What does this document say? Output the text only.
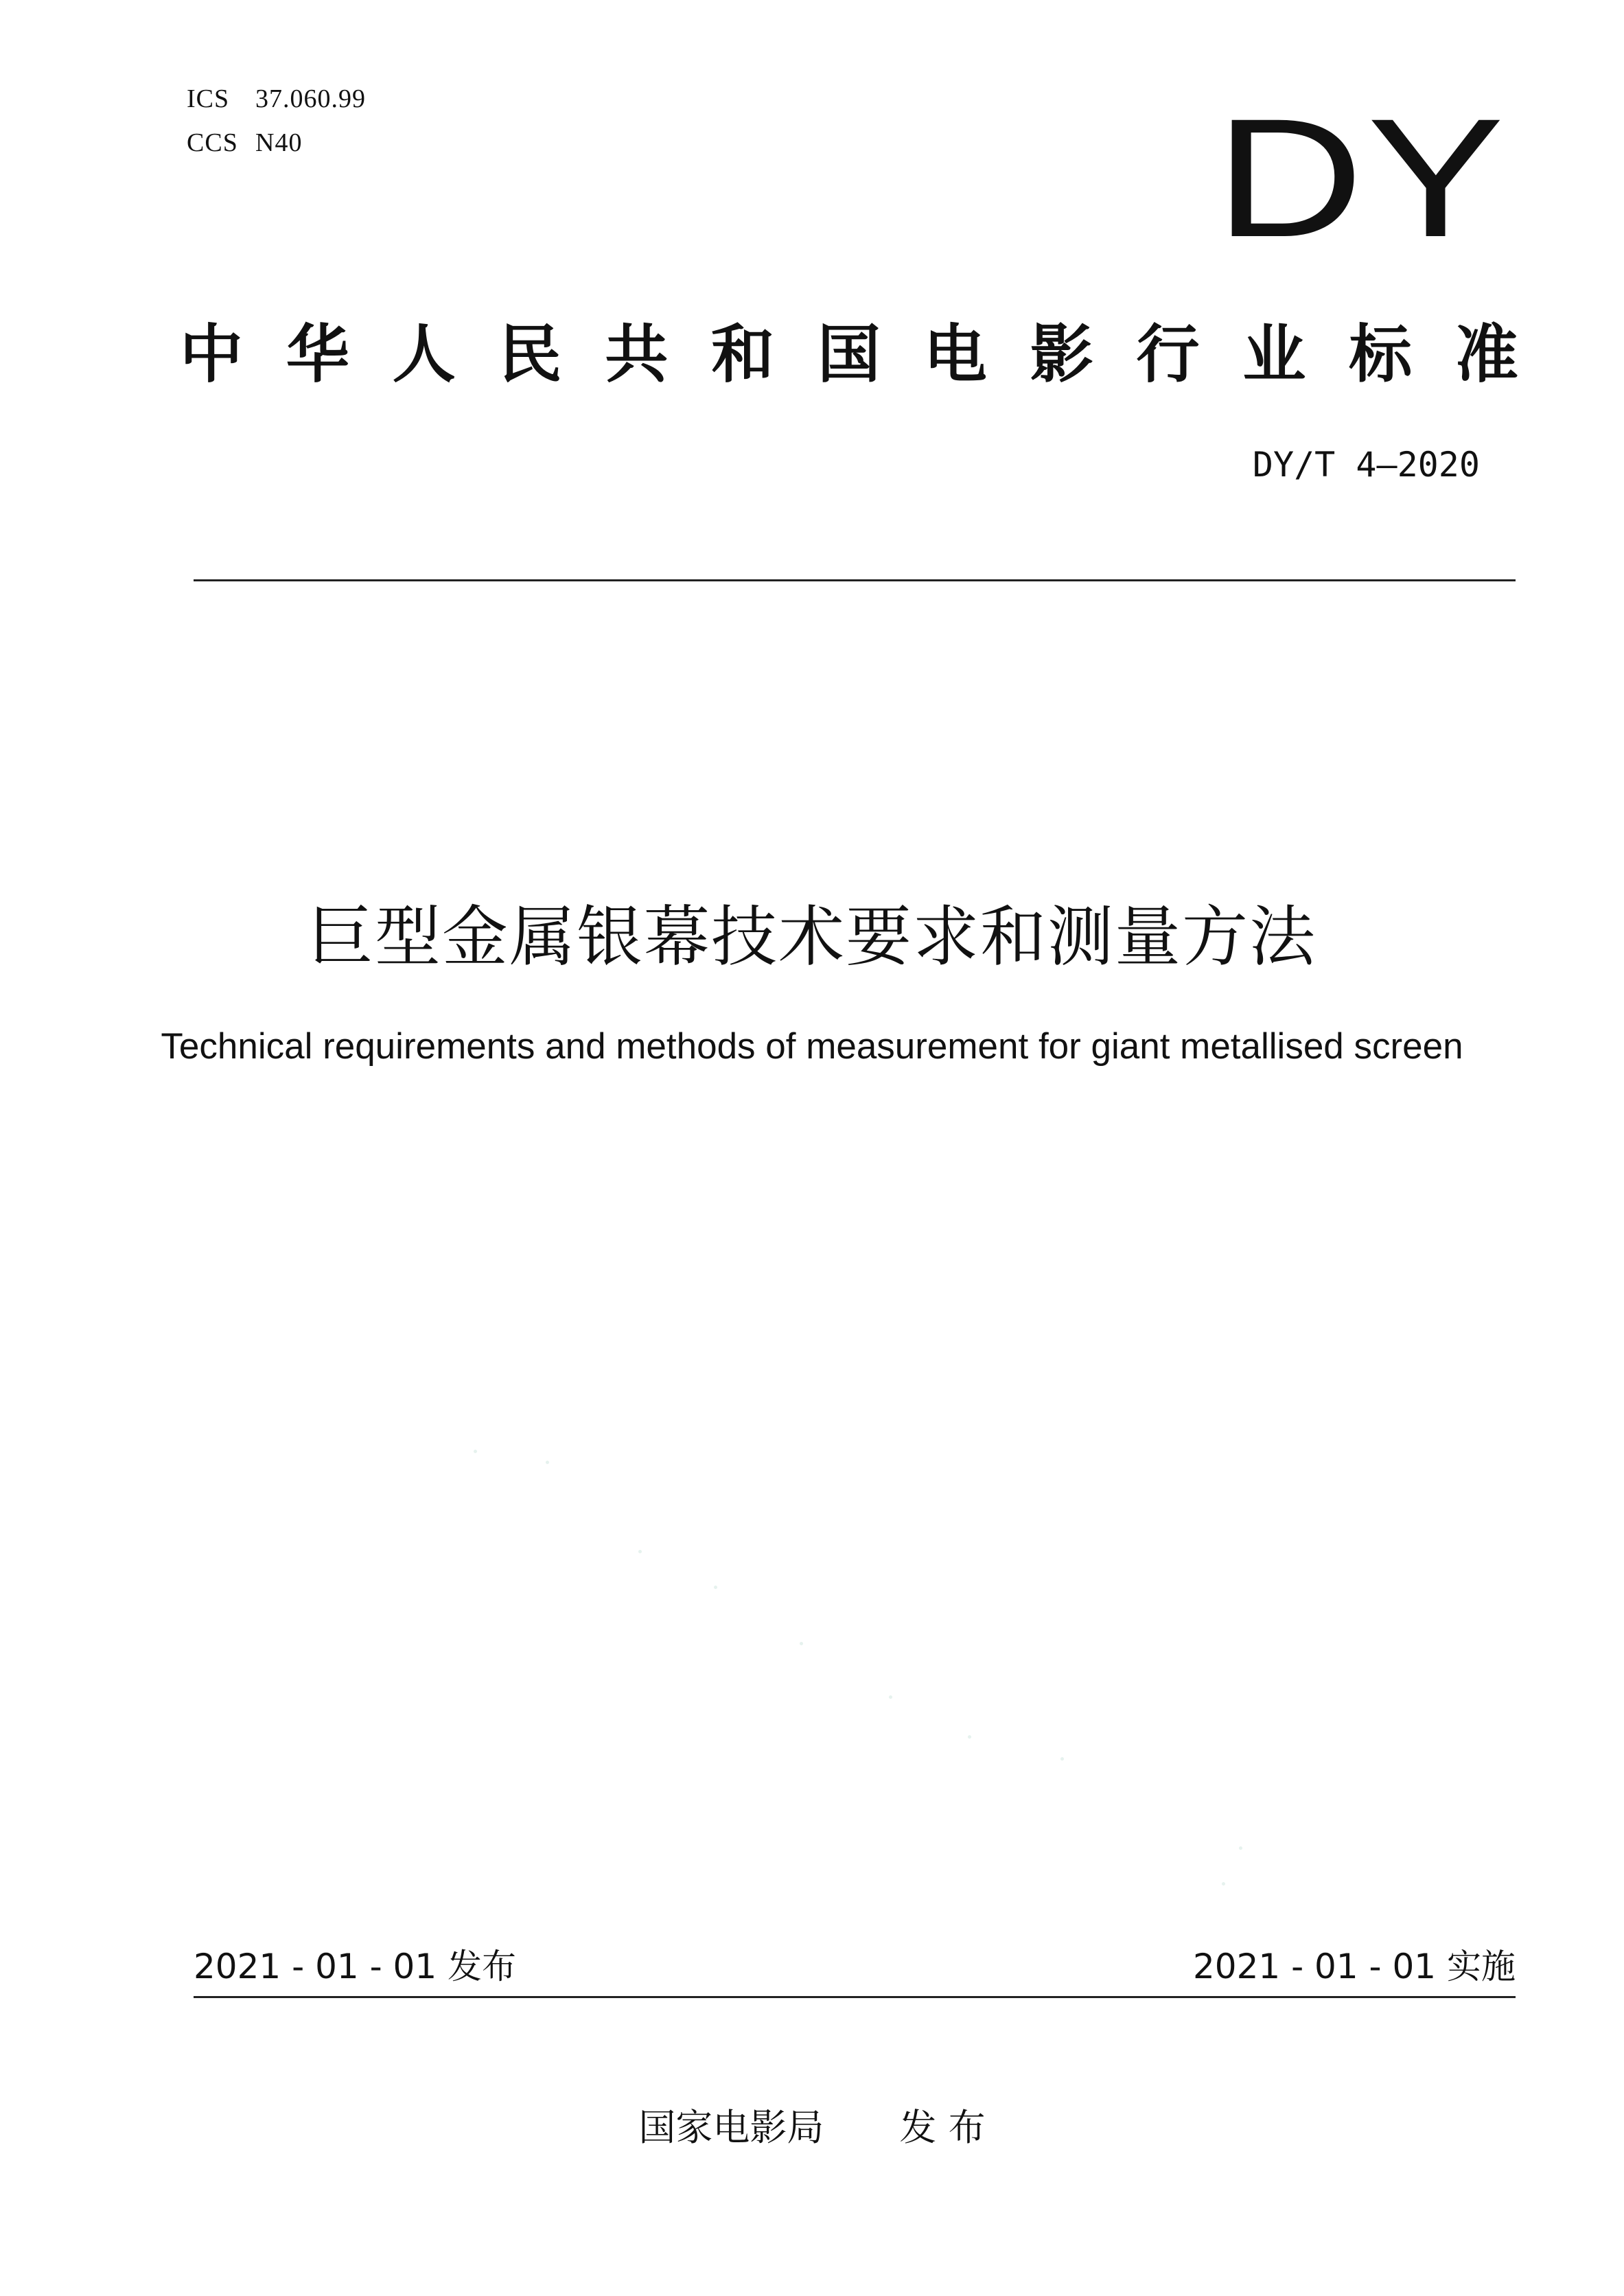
ICS 37.060.99
CCS N40	DY
中 华 人 民 共 和 国 电 影 行 业 标 准
DY/T 4—2020
巨型金属银幕技术要求和测量方法
Technical requirements and methods of measurement for giant metallised screen
2021 - 01 - 01 发布	2021 - 01 - 01 实施
国家电影局 发 布
